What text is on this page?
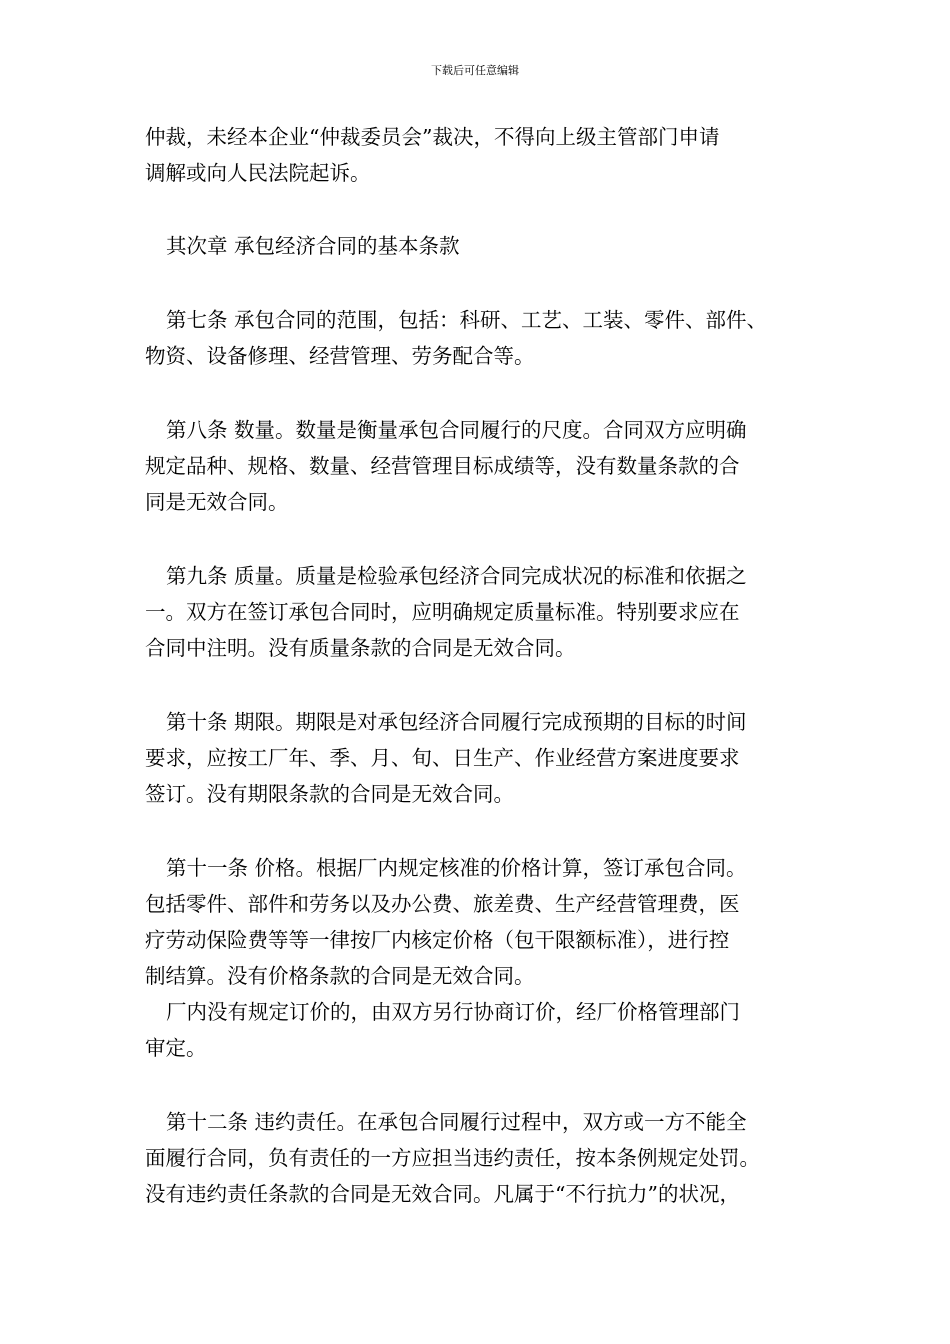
下载后可任意编辑
仲裁，未经本企业“仲裁委员会”裁决，不得向上级主管部门申请
调解或向人民法院起诉。
其次章 承包经济合同的基本条款
第七条 承包合同的范围，包括：科研、工艺、工装、零件、部件、
物资、设备修理、经营管理、劳务配合等。
第八条 数量。数量是衡量承包合同履行的尺度。合同双方应明确
规定品种、规格、数量、经营管理目标成绩等，没有数量条款的合
同是无效合同。
第九条 质量。质量是检验承包经济合同完成状况的标准和依据之
一。双方在签订承包合同时，应明确规定质量标准。特别要求应在
合同中注明。没有质量条款的合同是无效合同。
第十条 期限。期限是对承包经济合同履行完成预期的目标的时间
要求，应按工厂年、季、月、旬、日生产、作业经营方案进度要求
签订。没有期限条款的合同是无效合同。
第十一条 价格。根据厂内规定核准的价格计算，签订承包合同。
包括零件、部件和劳务以及办公费、旅差费、生产经营管理费，医
疗劳动保险费等等一律按厂内核定价格（包干限额标准），进行控
制结算。没有价格条款的合同是无效合同。
厂内没有规定订价的，由双方另行协商订价，经厂价格管理部门
审定。
第十二条 违约责任。在承包合同履行过程中，双方或一方不能全
面履行合同，负有责任的一方应担当违约责任，按本条例规定处罚。
没有违约责任条款的合同是无效合同。凡属于“不行抗力”的状况，
